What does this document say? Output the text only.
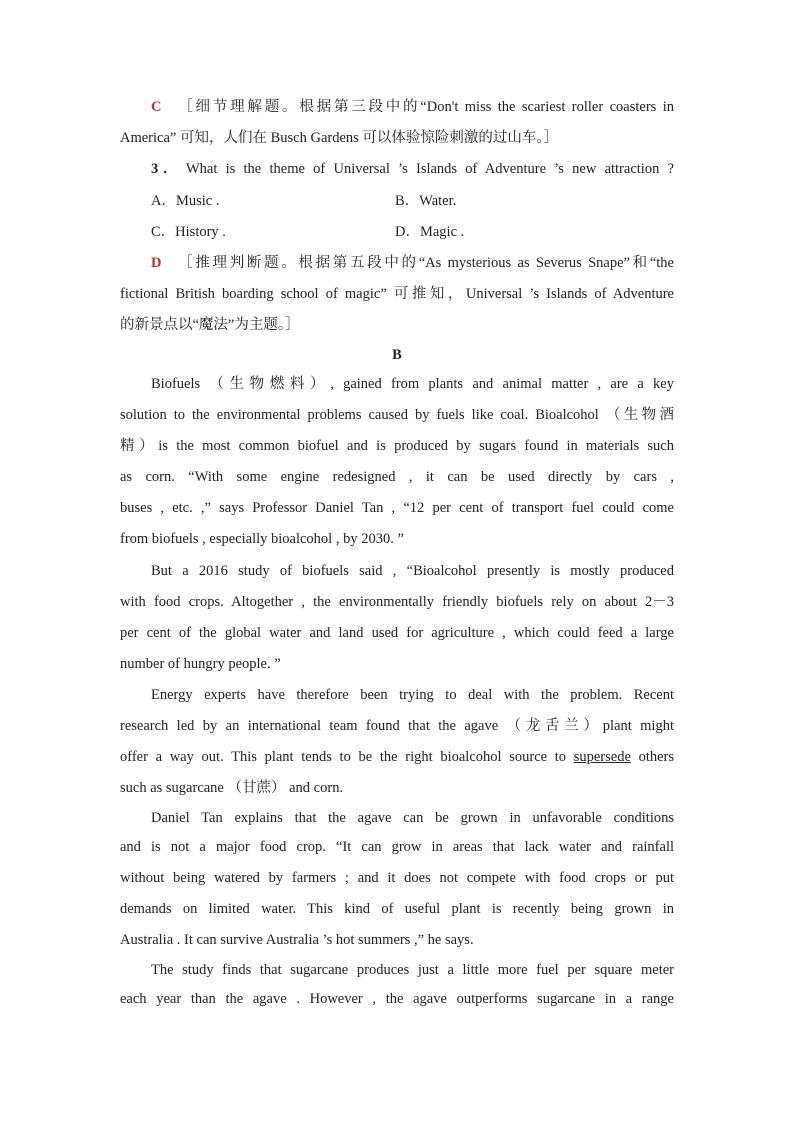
C ［细节理解题。根据第三段中的“Don't miss the scariest roller coasters in
America” 可知，人们在 Busch Gardens 可以体验惊险刺激的过山车。］
3． What is the theme of Universal ’s Islands of Adventure ’s new attraction ?
A．Music .	B．Water.
C．History .	D．Magic .
D ［推理判断题。根据第五段中的“As mysterious as Severus Snape”和“the
fictional British boarding school of magic” 可推知，Universal ’s Islands of Adventure
的新景点以“魔法”为主题。］
B
Biofuels （生物燃料）, gained from plants and animal matter , are a key
solution to the environmental problems caused by fuels like coal. Bioalcohol （生物酒
精）is the most common biofuel and is produced by sugars found in materials such
as corn. “With some engine redesigned , it can be used directly by cars ,
buses , etc. ,” says Professor Daniel Tan , “12 per cent of transport fuel could come
from biofuels , especially bioalcohol , by 2030. ”
But a 2016 study of biofuels said , “Bioalcohol presently is mostly produced
with food crops. Altogether , the environmentally friendly biofuels rely on about 2－3
per cent of the global water and land used for agriculture , which could feed a large
number of hungry people. ”
Energy experts have therefore been trying to deal with the problem. Recent
research led by an international team found that the agave （龙舌兰）plant might
offer a way out. This plant tends to be the right bioalcohol source to supersede others
such as sugarcane （甘蔗） and corn.
Daniel Tan explains that the agave can be grown in unfavorable conditions
and is not a major food crop. “It can grow in areas that lack water and rainfall
without being watered by farmers ; and it does not compete with food crops or put
demands on limited water. This kind of useful plant is recently being grown in
Australia . It can survive Australia ’s hot summers ,” he says.
The study finds that sugarcane produces just a little more fuel per square meter
each year than the agave . However , the agave outperforms sugarcane in a range
